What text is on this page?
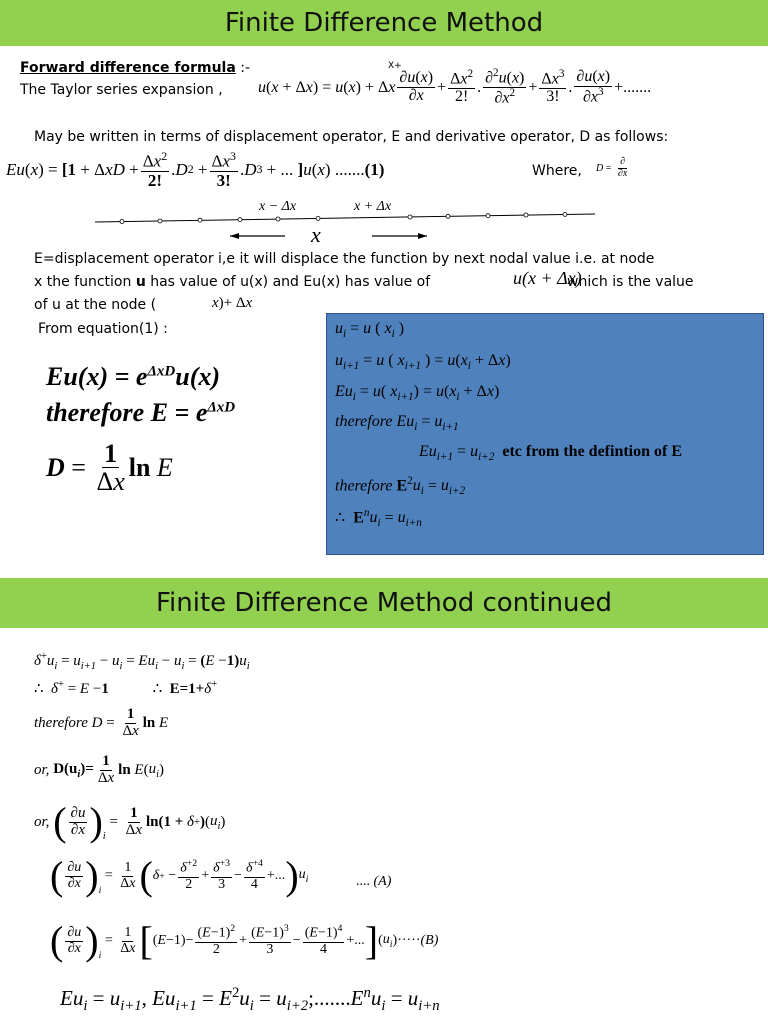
Finite Difference Method
Forward difference formula :-	X+
The Taylor series expansion , u ( x + Δ x ) = u ( x ) + Δ x $\frac{\partial u(x)}{\partial x} + \frac{\Delta x^2}{2!}$ . $\frac{\partial^2u(x)}{\partial x^2} + \frac{\Delta x^3}{3!}$ . $\frac{\partial u(x)}{\partial x^3}$ +.......
May be written in terms of displacement operator, E and derivative operator, D as follows:
Eu ( x ) = [1 + Δ xD + $\frac{\Delta x^2}{2!}$ . D $2 + \frac{\Delta x^3}{3!}$ . D 3 + ... ] u ( x ) ....... (1)	Where, $D = \frac{\partial}{\partial x}$
x − Δx	x + Δx
x
E=displacement operator i,e it will displace the function by next nodal value i.e. at node
x the function u has value of u(x) and Eu(x) has value of	u(x + Δx)
which is the value
of u at the node (	x)+ Δx
From equation(1) :
$Eu(x) = e^{\Delta xD}u(x)$
therefore $E = e^{\Delta xD}$
$D = \frac{1}{\Delta x}$ ln
E
$u_i = u$ ( $x_i$ )
$u_{i+1} = u$ ( $x_{i+1}$ ) = $u(x_i + \Delta x)$
$Eu_i = u$( $x_{i+1}) = u(x_i + \Delta x)$
therefore $Eu_i = u_{i+1}$
$Eu_{i+1} = u_{i+2}$ etc from the defintion of E
therefore $E^2u_i = u_{i+2}$
∴  $E^nu_i = u_{i+n}$
Finite Difference Method continued
$\delta^+u_i = u_{i+1} - u_i = Eu_i - u_i = (E -1)u_i$
∴  δ+ = E −1	∴  E=1+δ+
therefore
$D = \frac{1}{\Delta x}$ ln
E
or,
$D(u_i)= \frac{1}{\Delta x}$ ln
E ( $u_i$ )
or,
( $\frac{\partial u}{\partial x} )_i$
= $\frac{1}{\Delta x} \ln(1$ +
δ + ) ( $u_i$ )
( $\frac{\partial u}{\partial x} )_i$
= $\frac{1}{\Delta x}$ ( δ + − $\frac{\delta^{+2}}{2} + \frac{\delta^{+3}}{3} - \frac{\delta^{+4}}{4}$ +... ) $u_i$	.... (A)
( $\frac{\partial u}{\partial x} )_i$
= $\frac{1}{\Delta x}$ [ ( $E -1)- \frac{(E-1)^2}{2} + \frac{(E-1)^3}{3} - \frac{(E-1)^4}{4}$ +... ] ( $u_i$ )····· (B)
$Eu_i = u_{i+1}$, $Eu_{i+1} = E^2u_i$ = $u_{i+2};.......E^nu_i = u_{i+n}$
